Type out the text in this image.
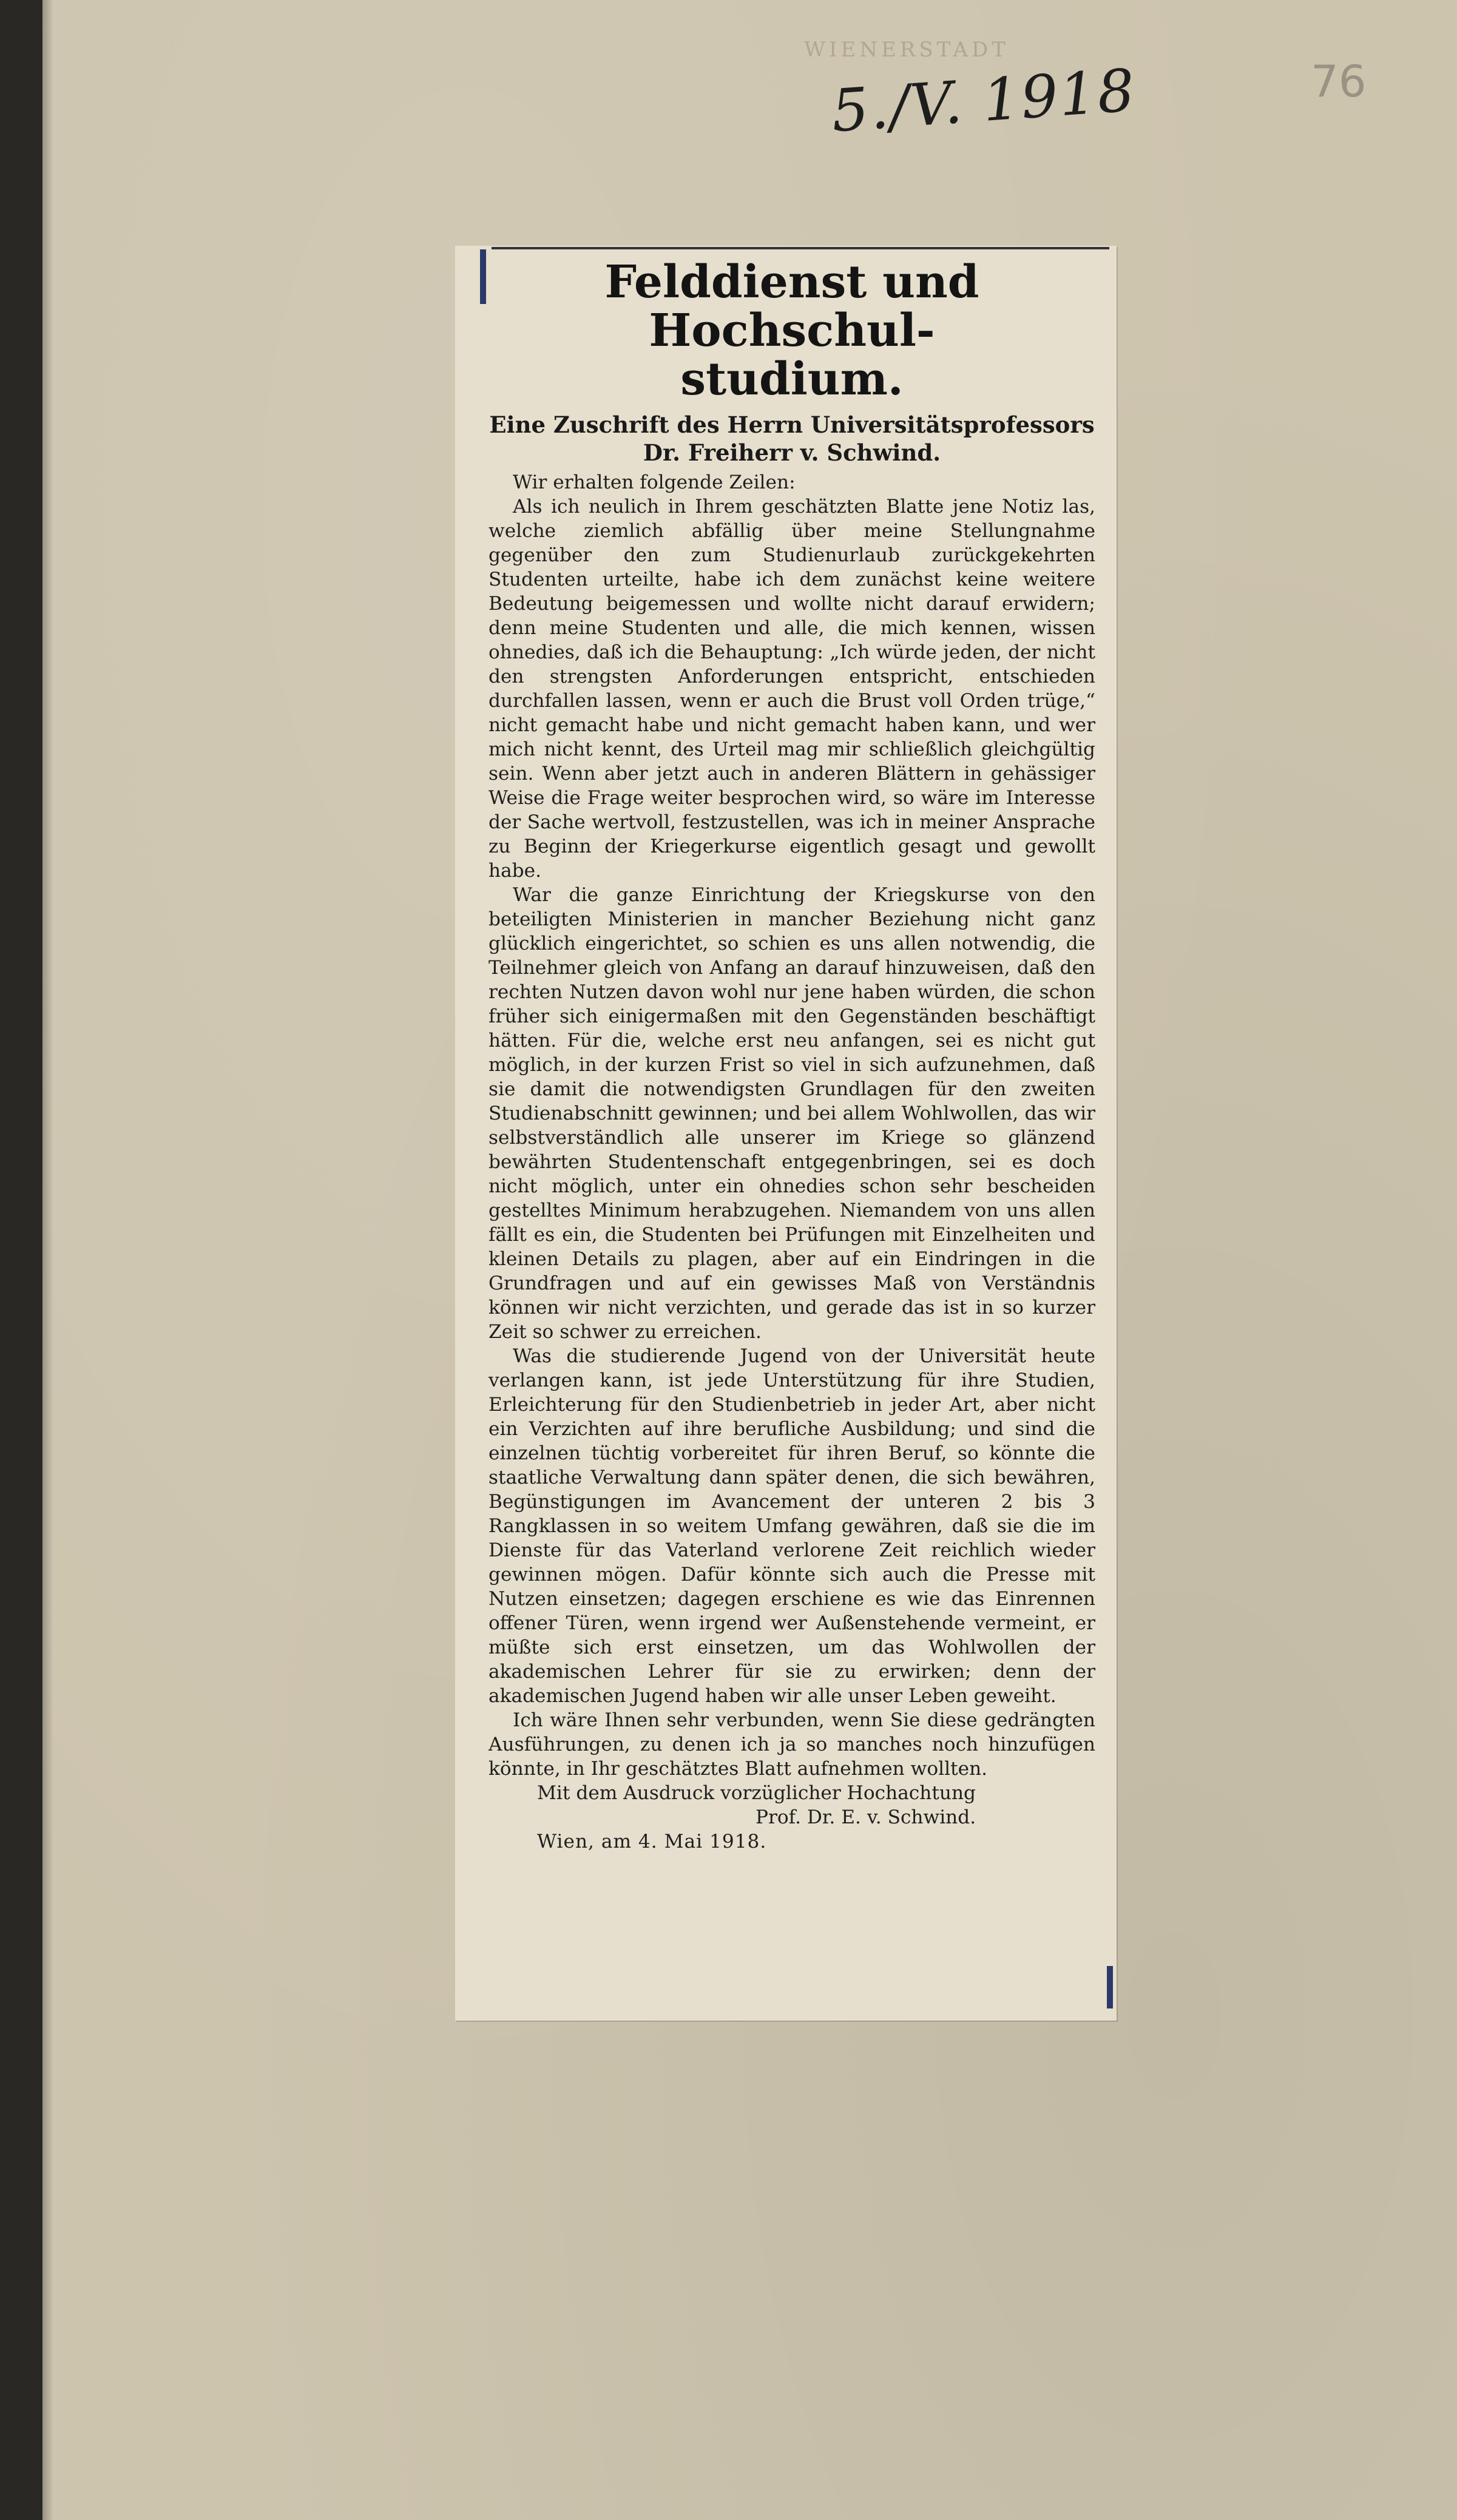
WIENERSTADT
5./V. 1918	76
Felddienst und Hochschul-
studium.
Eine Zuschrift des Herrn Universitätsprofessors
Dr. Freiherr v. Schwind.

Wir erhalten folgende Zeilen:

Als ich neulich in Ihrem geschätzten Blatte jene Notiz las, welche ziemlich abfällig über meine Stellungnahme gegenüber den zum Studienurlaub zurückgekehrten Studenten urteilte, habe ich dem zunächst keine weitere Bedeutung beigemessen und wollte nicht darauf erwidern; denn meine Studenten und alle, die mich kennen, wissen ohnedies, daß ich die Behauptung: „Ich würde jeden, der nicht den strengsten Anforderungen entspricht, entschieden durchfallen lassen, wenn er auch die Brust voll Orden trüge,“ nicht gemacht habe und nicht gemacht haben kann, und wer mich nicht kennt, des Urteil mag mir schließlich gleichgültig sein. Wenn aber jetzt auch in anderen Blättern in gehässiger Weise die Frage weiter besprochen wird, so wäre im Interesse der Sache wertvoll, festzustellen, was ich in meiner Ansprache zu Beginn der Kriegerkurse eigentlich gesagt und gewollt habe.

War die ganze Einrichtung der Kriegskurse von den beteiligten Ministerien in mancher Beziehung nicht ganz glücklich eingerichtet, so schien es uns allen notwendig, die Teilnehmer gleich von Anfang an darauf hinzuweisen, daß den rechten Nutzen davon wohl nur jene haben würden, die schon früher sich einigermaßen mit den Gegenständen beschäftigt hätten. Für die, welche erst neu anfangen, sei es nicht gut möglich, in der kurzen Frist so viel in sich aufzunehmen, daß sie damit die notwendigsten Grundlagen für den zweiten Studienabschnitt gewinnen; und bei allem Wohlwollen, das wir selbstverständlich alle unserer im Kriege so glänzend bewährten Studentenschaft entgegenbringen, sei es doch nicht möglich, unter ein ohnedies schon sehr bescheiden gestelltes Minimum herabzugehen. Niemandem von uns allen fällt es ein, die Studenten bei Prüfungen mit Einzelheiten und kleinen Details zu plagen, aber auf ein Eindringen in die Grundfragen und auf ein gewisses Maß von Verständnis können wir nicht verzichten, und gerade das ist in so kurzer Zeit so schwer zu erreichen.

Was die studierende Jugend von der Universität heute verlangen kann, ist jede Unterstützung für ihre Studien, Erleichterung für den Studienbetrieb in jeder Art, aber nicht ein Verzichten auf ihre berufliche Ausbildung; und sind die einzelnen tüchtig vorbereitet für ihren Beruf, so könnte die staatliche Verwaltung dann später denen, die sich bewähren, Begünstigungen im Avancement der unteren 2 bis 3 Rangklassen in so weitem Umfang gewähren, daß sie die im Dienste für das Vaterland verlorene Zeit reichlich wieder gewinnen mögen. Dafür könnte sich auch die Presse mit Nutzen einsetzen; dagegen erschiene es wie das Einrennen offener Türen, wenn irgend wer Außenstehende vermeint, er müßte sich erst einsetzen, um das Wohlwollen der akademischen Lehrer für sie zu erwirken; denn der akademischen Jugend haben wir alle unser Leben geweiht.

Ich wäre Ihnen sehr verbunden, wenn Sie diese gedrängten Ausführungen, zu denen ich ja so manches noch hinzufügen könnte, in Ihr geschätztes Blatt aufnehmen wollten.

Mit dem Ausdruck vorzüglicher Hochachtung
Prof. Dr. E. v. Schwind.
Wien, am 4. Mai 1918.
